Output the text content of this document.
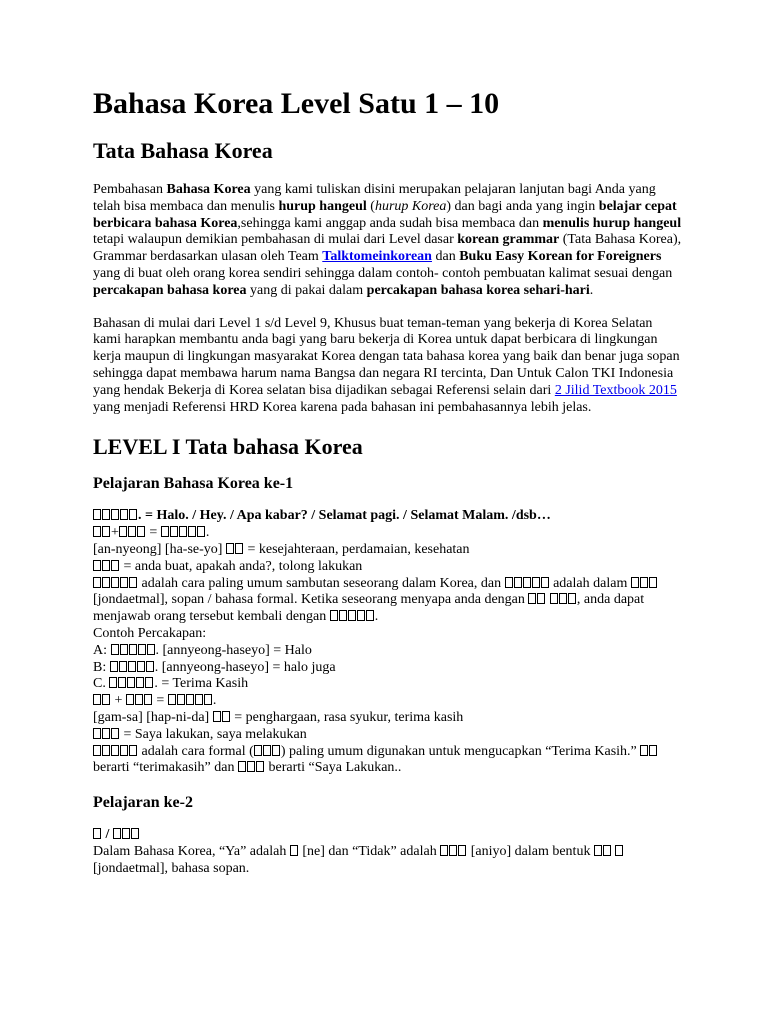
Bahasa Korea Level Satu 1 – 10
Tata Bahasa Korea

Pembahasan Bahasa Korea yang kami tuliskan disini merupakan pelajaran lanjutan bagi Anda yang telah bisa membaca dan menulis hurup hangeul (hurup Korea) dan bagi anda yang ingin belajar cepat berbicara bahasa Korea,sehingga kami anggap anda sudah bisa membaca dan menulis hurup hangeul tetapi walaupun demikian pembahasan di mulai dari Level dasar korean grammar (Tata Bahasa Korea), Grammar berdasarkan ulasan oleh Team Talktomeinkorean dan Buku Easy Korean for Foreigners yang di buat oleh orang korea sendiri sehingga dalam contoh- contoh pembuatan kalimat sesuai dengan percakapan bahasa korea yang di pakai dalam percakapan bahasa korea sehari-hari.

Bahasan di mulai dari Level 1 s/d Level 9, Khusus buat teman-teman yang bekerja di Korea Selatan kami harapkan membantu anda bagi yang baru bekerja di Korea untuk dapat berbicara di lingkungan kerja maupun di lingkungan masyarakat Korea dengan tata bahasa korea yang baik dan benar juga sopan sehingga dapat membawa harum nama Bangsa dan negara RI tercinta, Dan Untuk Calon TKI Indonesia yang hendak Bekerja di Korea selatan bisa dijadikan sebagai Referensi selain dari 2 Jilid Textbook 2015 yang menjadi Referensi HRD Korea karena pada bahasan ini pembahasannya lebih jelas.

LEVEL I Tata bahasa Korea
Pelajaran Bahasa Korea ke-1
. = Halo. / Hey. / Apa kabar? / Selamat pagi. / Selamat Malam. /dsb…
+ =	.
[an-nyeong] [ha-se-yo]  = kesejahteraan, perdamaian, kesehatan
= anda buat, apakah anda?, tolong lakukan
adalah cara paling umum sambutan seseorang dalam Korea, dan	adalah dalam  [jondaetmal], sopan / bahasa formal. Ketika seseorang menyapa anda dengan	, anda dapat menjawab orang tersebut kembali dengan	.
Contoh Percakapan:
A:	. [annyeong-haseyo] = Halo
B:	. [annyeong-haseyo] = halo juga
C.	. = Terima Kasih
+  =	.
[gam-sa] [hap-ni-da]  = penghargaan, rasa syukur, terima kasih
= Saya lakukan, saya melakukan
adalah cara formal ( ) paling umum digunakan untuk mengucapkan “Terima Kasih.”  berarti “terimakasih” dan  berarti “Saya Lakukan..
Pelajaran ke-2
/
Dalam Bahasa Korea, “Ya” adalah  [ne] dan “Tidak” adalah  [aniyo] dalam bentuk   [jondaetmal], bahasa sopan.
